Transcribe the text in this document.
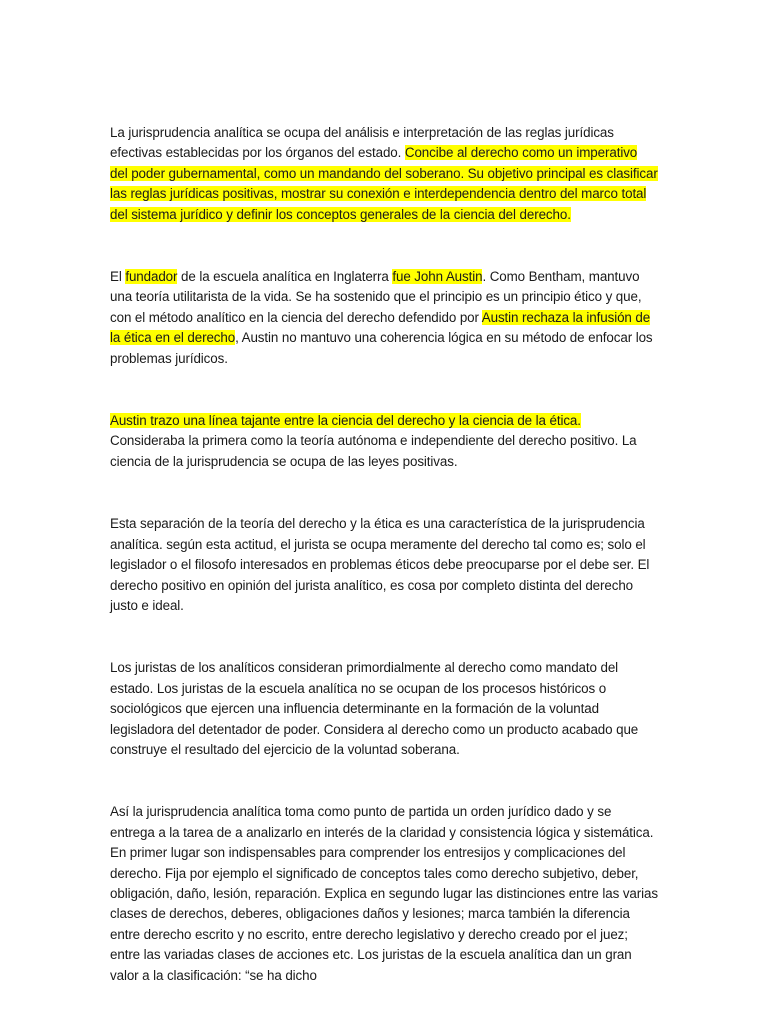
La jurisprudencia analítica se ocupa del análisis e interpretación de las reglas jurídicas efectivas establecidas por los órganos del estado. Concibe al derecho como un imperativo del poder gubernamental, como un mandando del soberano. Su objetivo principal es clasificar las reglas jurídicas positivas, mostrar su conexión e interdependencia dentro del marco total del sistema jurídico y definir los conceptos generales de la ciencia del derecho.

El fundador de la escuela analítica en Inglaterra fue John Austin. Como Bentham, mantuvo una teoría utilitarista de la vida. Se ha sostenido que el principio es un principio ético y que, con el método analítico en la ciencia del derecho defendido por Austin rechaza la infusión de la ética en el derecho, Austin no mantuvo una coherencia lógica en su método de enfocar los problemas jurídicos.

Austin trazo una línea tajante entre la ciencia del derecho y la ciencia de la ética. Consideraba la primera como la teoría autónoma e independiente del derecho positivo. La ciencia de la jurisprudencia se ocupa de las leyes positivas.

Esta separación de la teoría del derecho y la ética es una característica de la jurisprudencia analítica. según esta actitud, el jurista se ocupa meramente del derecho tal como es; solo el legislador o el filosofo interesados en problemas éticos debe preocuparse por el debe ser. El derecho positivo en opinión del jurista analítico, es cosa por completo distinta del derecho justo e ideal.

Los juristas de los analíticos consideran primordialmente al derecho como mandato del estado. Los juristas de la escuela analítica no se ocupan de los procesos históricos o sociológicos que ejercen una influencia determinante en la formación de la voluntad legisladora del detentador de poder. Considera al derecho como un producto acabado que construye el resultado del ejercicio de la voluntad soberana.

Así la jurisprudencia analítica toma como punto de partida un orden jurídico dado y se entrega a la tarea de a analizarlo en interés de la claridad y consistencia lógica y sistemática. En primer lugar son indispensables para comprender los entresijos y complicaciones del derecho. Fija por ejemplo el significado de conceptos tales como derecho subjetivo, deber, obligación, daño, lesión, reparación. Explica en segundo lugar las distinciones entre las varias clases de derechos, deberes, obligaciones daños y lesiones; marca también la diferencia entre derecho escrito y no escrito, entre derecho legislativo y derecho creado por el juez; entre las variadas clases de acciones etc. Los juristas de la escuela analítica dan un gran valor a la clasificación: “se ha dicho
